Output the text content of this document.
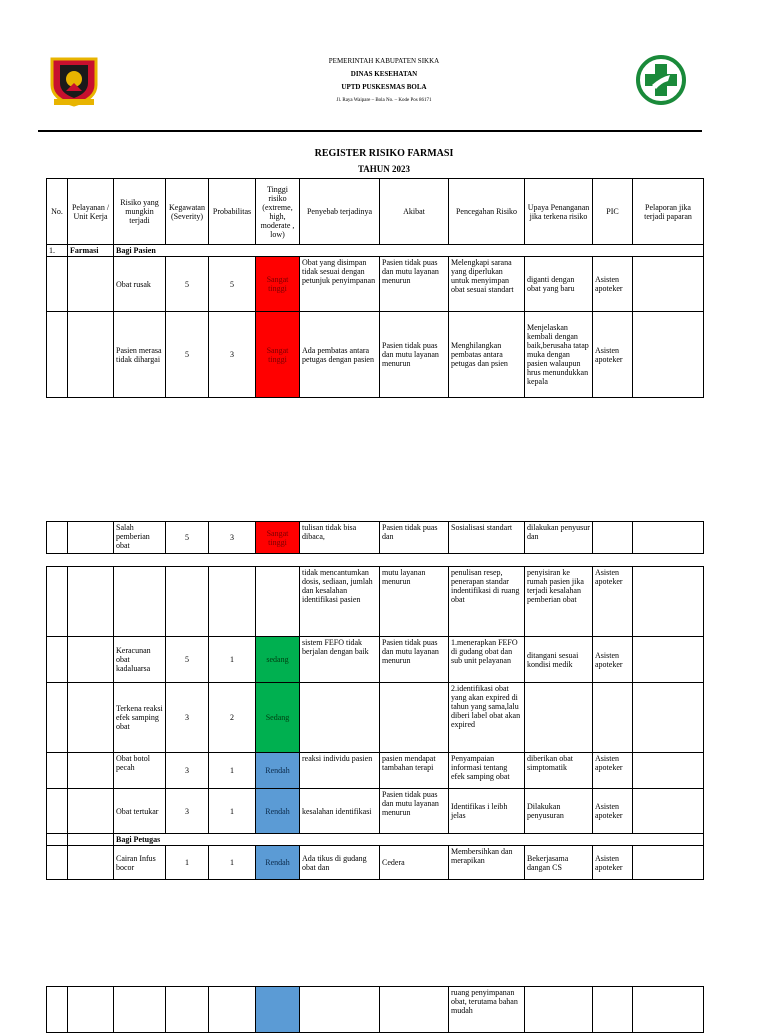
PEMERINTAH KABUPATEN SIKKA
DINAS KESEHATAN
UPTD PUSKESMAS BOLA
Jl. Raya Waipare – Bola No. – Kode Pos 86171
REGISTER RISIKO FARMASI
TAHUN 2023
No.	Pelayanan / Unit Kerja	Risiko yang mungkin terjadi	Kegawatan (Severity)	Probabilitas	Tinggi risiko (extreme, high, moderate , low)	Penyebab terjadinya	Akibat	Pencegahan Risiko	Upaya Penanganan jika terkena risiko	PIC	Pelaporan jika terjadi paparan
1.	Farmasi	Bagi Pasien									
		Obat rusak	5	5	Sangat tinggi	Obat yang disimpan tidak sesuai dengan petunjuk penyimpanan	Pasien tidak puas dan mutu layanan menurun	Melengkapi sarana yang diperlukan untuk menyimpan obat sesuai standart	diganti dengan obat yang baru	Asisten apoteker	
		Pasien merasa tidak dihargai	5	3	Sangat tinggi	Ada pembatas antara petugas dengan pasien	Pasien tidak puas dan mutu layanan menurun	Menghilangkan pembatas antara petugas dan psien	Menjelaskan kembali dengan baik,berusaha tatap muka dengan pasien walaupun hrus menundukkan kepala	Asisten apoteker	
		Salah pemberian obat	5	3	Sangat tinggi	tulisan tidak bisa dibaca,	Pasien tidak puas dan	Sosialisasi standart	dilakukan penyusur dan		
						tidak mencantumkan dosis, sediaan, jumlah dan kesalahan identifikasi pasien	mutu layanan menurun	penulisan resep, penerapan standar indentifikasi di ruang obat	penyisiran ke rumah pasien jika terjadi kesalahan pemberian obat	Asisten apoteker	
		Keracunan obat kadaluarsa	5	1	sedang	sistem FEFO tidak berjalan dengan baik	Pasien tidak puas dan mutu layanan menurun	1.menerapkan FEFO di gudang obat dan sub unit pelayanan	ditangani sesuai kondisi medik	Asisten apoteker	
		Terkena reaksi efek samping obat	3	2	Sedang			2.identifikasi obat yang akan expired di tahun yang sama,lalu diberi label obat akan expired			
		Obat botol pecah	3	1	Rendah	reaksi individu pasien	pasien mendapat tambahan terapi	Penyampaian informasi tentang efek samping obat	diberikan obat simptomatik	Asisten apoteker	
		Obat tertukar	3	1	Rendah	kesalahan identifikasi	Pasien tidak puas dan mutu layanan menurun	Identifikas i leibh jelas	Dilakukan penyusuran	Asisten apoteker	
		Bagi Petugas									
		Cairan Infus bocor	1	1	Rendah	Ada tikus di gudang obat dan	Cedera	Membersihkan dan merapikan	Bekerjasama dangan CS	Asisten apoteker	
								ruang penyimpanan obat, terutama bahan mudah			
